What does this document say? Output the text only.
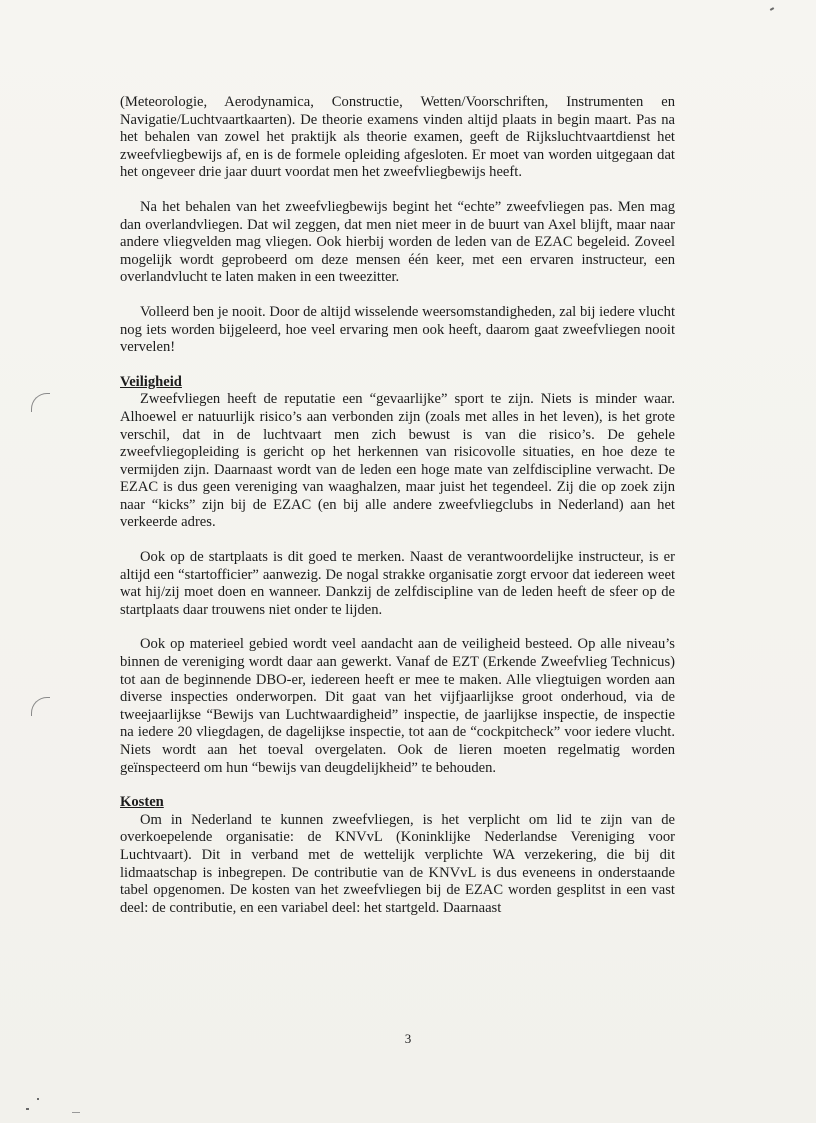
(Meteorologie, Aerodynamica, Constructie, Wetten/Voorschriften, Instrumenten en Navigatie/Luchtvaartkaarten). De theorie examens vinden altijd plaats in begin maart. Pas na het behalen van zowel het praktijk als theorie examen, geeft de Rijksluchtvaartdienst het zweefvliegbewijs af, en is de formele opleiding afgesloten. Er moet van worden uitgegaan dat het ongeveer drie jaar duurt voordat men het zweefvliegbewijs heeft.

Na het behalen van het zweefvliegbewijs begint het “echte” zweefvliegen pas. Men mag dan overlandvliegen. Dat wil zeggen, dat men niet meer in de buurt van Axel blijft, maar naar andere vliegvelden mag vliegen. Ook hierbij worden de leden van de EZAC begeleid. Zoveel mogelijk wordt geprobeerd om deze mensen één keer, met een ervaren instructeur, een overlandvlucht te laten maken in een tweezitter.

Volleerd ben je nooit. Door de altijd wisselende weersomstandigheden, zal bij iedere vlucht nog iets worden bijgeleerd, hoe veel ervaring men ook heeft, daarom gaat zweefvliegen nooit vervelen!

Veiligheid

Zweefvliegen heeft de reputatie een “gevaarlijke” sport te zijn. Niets is minder waar. Alhoewel er natuurlijk risico’s aan verbonden zijn (zoals met alles in het leven), is het grote verschil, dat in de luchtvaart men zich bewust is van die risico’s. De gehele zweefvliegopleiding is gericht op het herkennen van risicovolle situaties, en hoe deze te vermijden zijn. Daarnaast wordt van de leden een hoge mate van zelfdiscipline verwacht. De EZAC is dus geen vereniging van waaghalzen, maar juist het tegendeel. Zij die op zoek zijn naar “kicks” zijn bij de EZAC (en bij alle andere zweefvliegclubs in Nederland) aan het verkeerde adres.

Ook op de startplaats is dit goed te merken. Naast de verantwoordelijke instructeur, is er altijd een “startofficier” aanwezig. De nogal strakke organisatie zorgt ervoor dat iedereen weet wat hij/zij moet doen en wanneer. Dankzij de zelfdiscipline van de leden heeft de sfeer op de startplaats daar trouwens niet onder te lijden.

Ook op materieel gebied wordt veel aandacht aan de veiligheid besteed. Op alle niveau’s binnen de vereniging wordt daar aan gewerkt. Vanaf de EZT (Erkende Zweefvlieg Technicus) tot aan de beginnende DBO-er, iedereen heeft er mee te maken. Alle vliegtuigen worden aan diverse inspecties onderworpen. Dit gaat van het vijfjaarlijkse groot onderhoud, via de tweejaarlijkse “Bewijs van Luchtwaardigheid” inspectie, de jaarlijkse inspectie, de inspectie na iedere 20 vliegdagen, de dagelijkse inspectie, tot aan de “cockpitcheck” voor iedere vlucht. Niets wordt aan het toeval overgelaten. Ook de lieren moeten regelmatig worden geïnspecteerd om hun “bewijs van deugdelijkheid” te behouden.

Kosten

Om in Nederland te kunnen zweefvliegen, is het verplicht om lid te zijn van de overkoepelende organisatie: de KNVvL (Koninklijke Nederlandse Vereniging voor Luchtvaart). Dit in verband met de wettelijk verplichte WA verzekering, die bij dit lidmaatschap is inbegrepen. De contributie van de KNVvL is dus eveneens in onderstaande tabel opgenomen. De kosten van het zweefvliegen bij de EZAC worden gesplitst in een vast deel: de contributie, en een variabel deel: het startgeld. Daarnaast

3
